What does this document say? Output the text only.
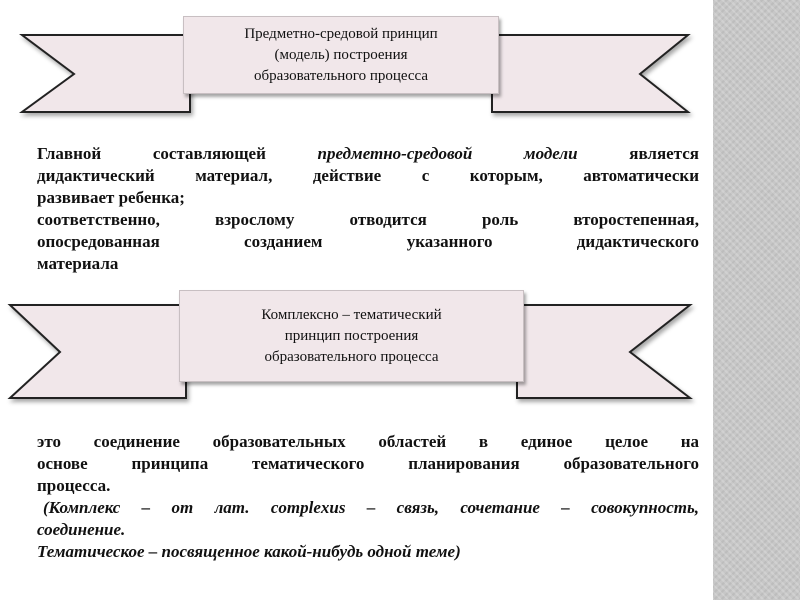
Предметно-средовой принцип
(модель) построения
образовательного процесса
Главной составляющей предметно-средовой модели является
дидактический материал, действие с которым, автоматически
развивает ребенка;
соответственно, взрослому отводится роль второстепенная,
опосредованная созданием указанного дидактического
материала
Комплексно – тематический
принцип построения
образовательного процесса
это соединение образовательных областей в единое целое на
основе принципа тематического планирования образовательного
процесса.
(Комплекс – от лат. complexus – связь, сочетание – совокупность,
соединение.
Тематическое – посвященное какой-нибудь одной теме)
